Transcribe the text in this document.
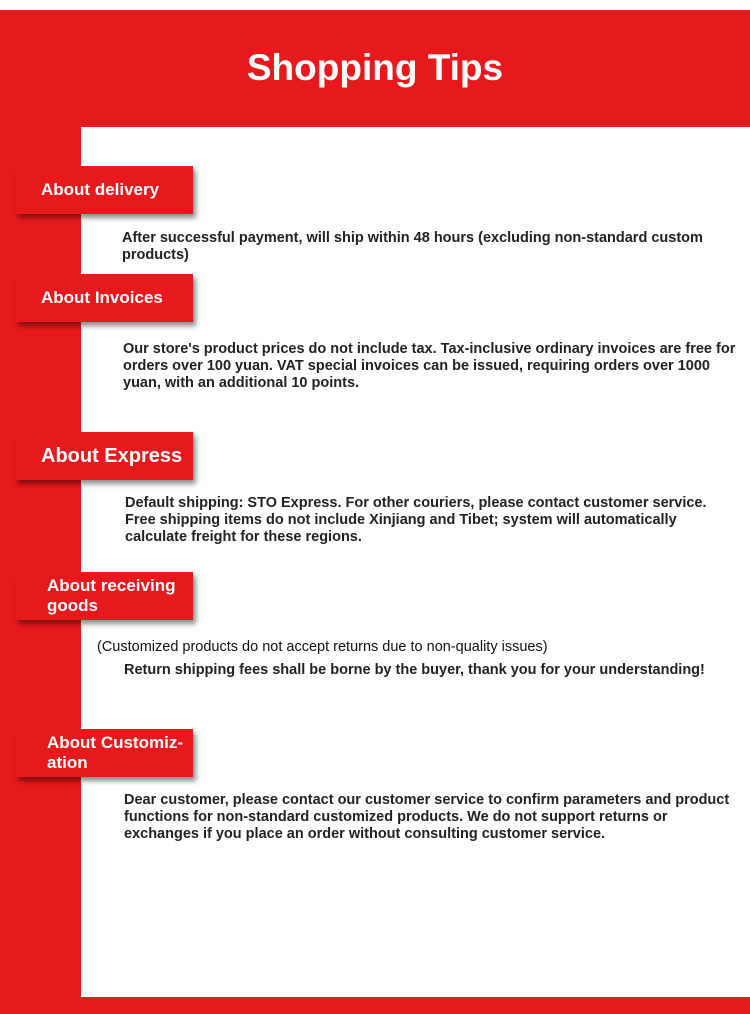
Shopping Tips
About delivery

After successful payment, will ship within 48 hours (excluding non-standard custom products)

About Invoices

Our store's product prices do not include tax. Tax-inclusive ordinary invoices are free for orders over 100 yuan. VAT special invoices can be issued, requiring orders over 1000 yuan, with an additional 10 points.

About Express

Default shipping: STO Express. For other couriers, please contact customer service. Free shipping items do not include Xinjiang and Tibet; system will automatically calculate freight for these regions.

About receiving goods

(Customized products do not accept returns due to non-quality issues)

Return shipping fees shall be borne by the buyer, thank you for your understanding!

About Customiz-ation

Dear customer, please contact our customer service to confirm parameters and product functions for non-standard customized products. We do not support returns or exchanges if you place an order without consulting customer service.
